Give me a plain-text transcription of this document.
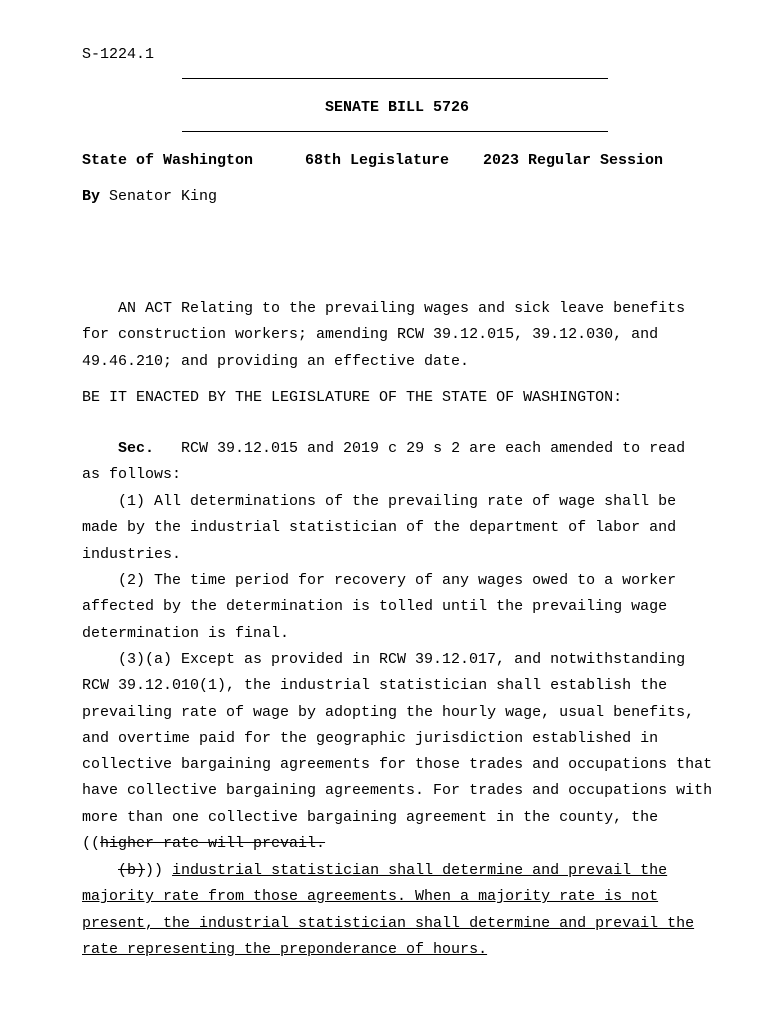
S-1224.1
SENATE BILL 5726
State of Washington	68th Legislature 2023 Regular Session
By Senator King

AN ACT Relating to the prevailing wages and sick leave benefits for construction workers; amending RCW 39.12.015, 39.12.030, and 49.46.210; and providing an effective date.

BE IT ENACTED BY THE LEGISLATURE OF THE STATE OF WASHINGTON:

Sec. RCW 39.12.015 and 2019 c 29 s 2 are each amended to read as follows:

(1) All determinations of the prevailing rate of wage shall be made by the industrial statistician of the department of labor and industries.

(2) The time period for recovery of any wages owed to a worker affected by the determination is tolled until the prevailing wage determination is final.

(3)(a) Except as provided in RCW 39.12.017, and notwithstanding RCW 39.12.010(1), the industrial statistician shall establish the prevailing rate of wage by adopting the hourly wage, usual benefits, and overtime paid for the geographic jurisdiction established in collective bargaining agreements for those trades and occupations that have collective bargaining agreements. For trades and occupations with more than one collective bargaining agreement in the county, the ((higher rate will prevail.

(b))) industrial statistician shall determine and prevail the majority rate from those agreements. When a majority rate is not present, the industrial statistician shall determine and prevail the rate representing the preponderance of hours.
